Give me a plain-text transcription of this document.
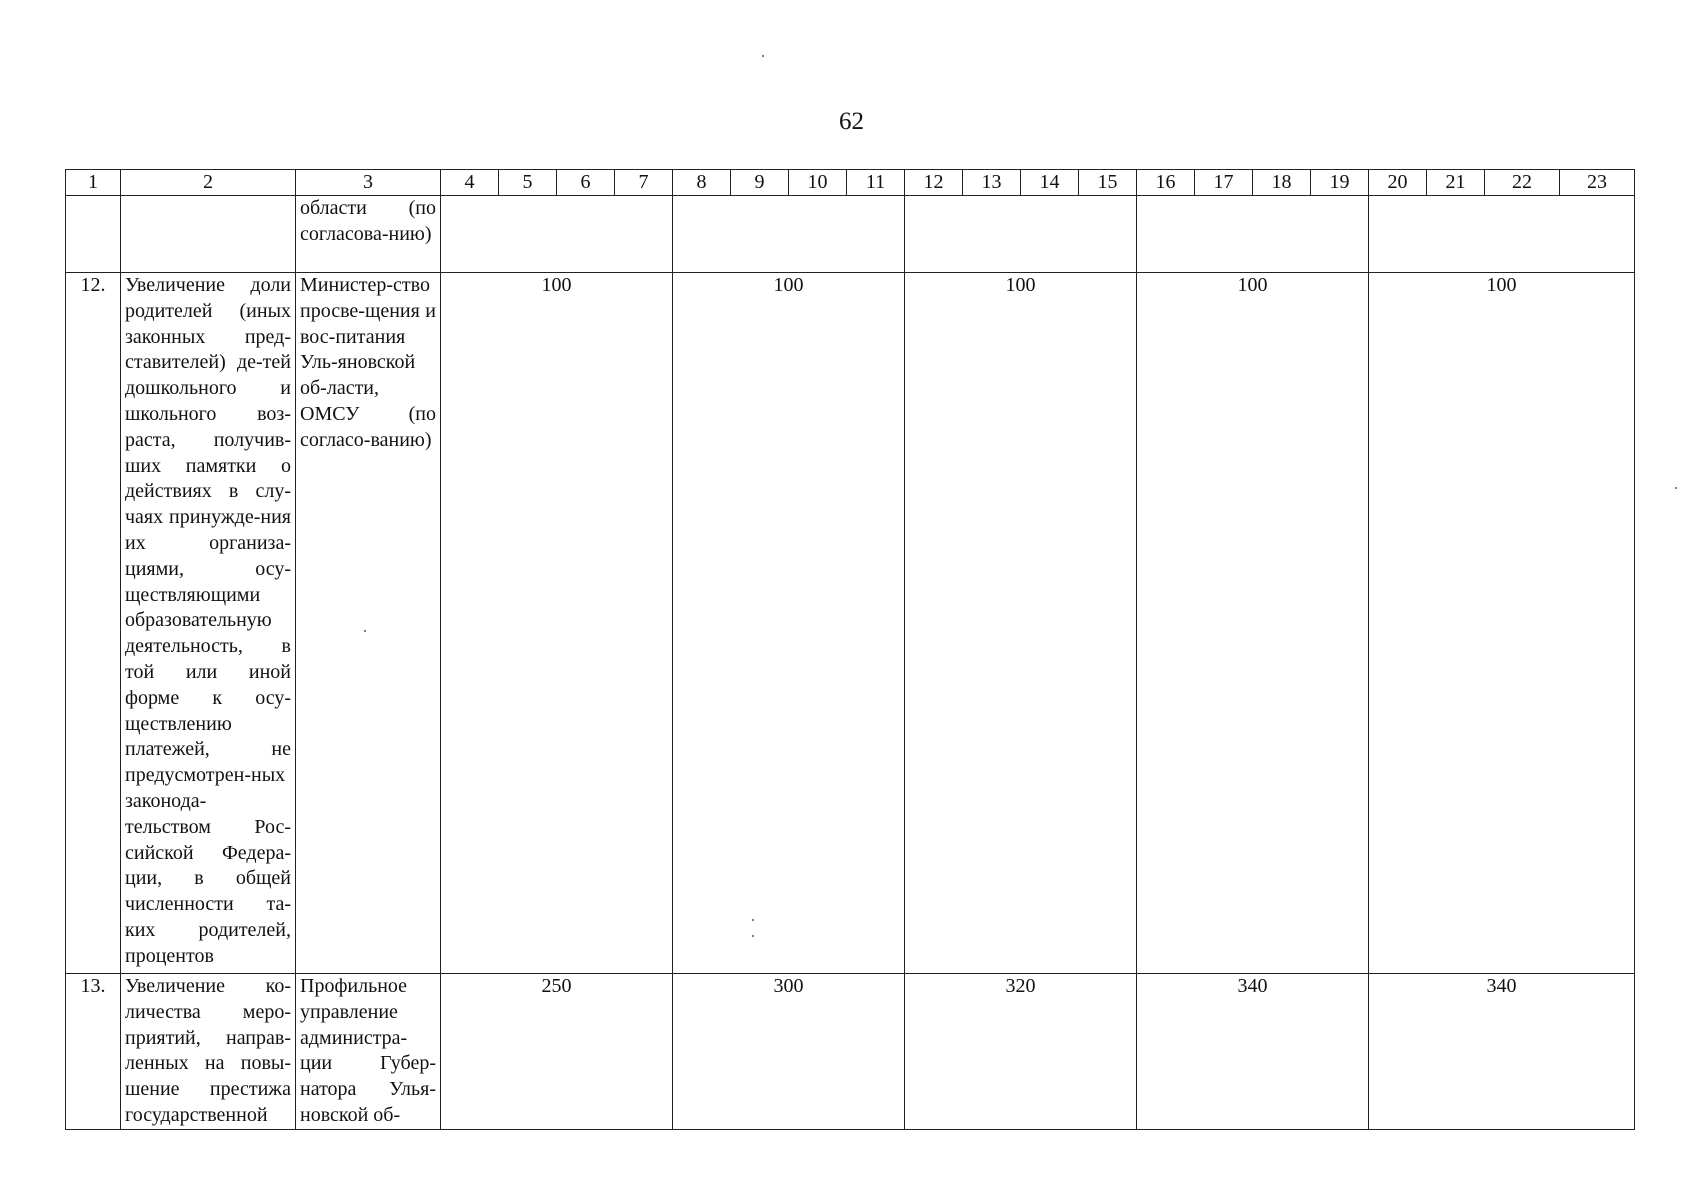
62
1	2	3	4	5	6	7	8	9	10	11	12	13	14	15	16	17	18	19	20	21	22	23
		области (по согласова-нию)																				
12.	Увеличение доли родителей (иных законных пред-ставителей) де-тей дошкольного и школьного воз-раста, получив-ших памятки о действиях в слу-чаях принужде-ния их организа-циями, осу-ществляющими образовательную деятельность, в той или иной форме к осу-ществлению платежей, не предусмотрен-ных законода-тельством Рос-сийской Федера-ции, в общей численности та-ких родителей, процентов	Министер-ство просве-щения и вос-питания Уль-яновской об-ласти, ОМСУ (по согласо-ванию)	100				100				100				100				100			
13.	Увеличение ко-личества меро-приятий, направ-ленных на повы-шение престижа государственной	Профильное управление администра-ции Губер-натора Улья-новской об-	250				300				320				340				340			
